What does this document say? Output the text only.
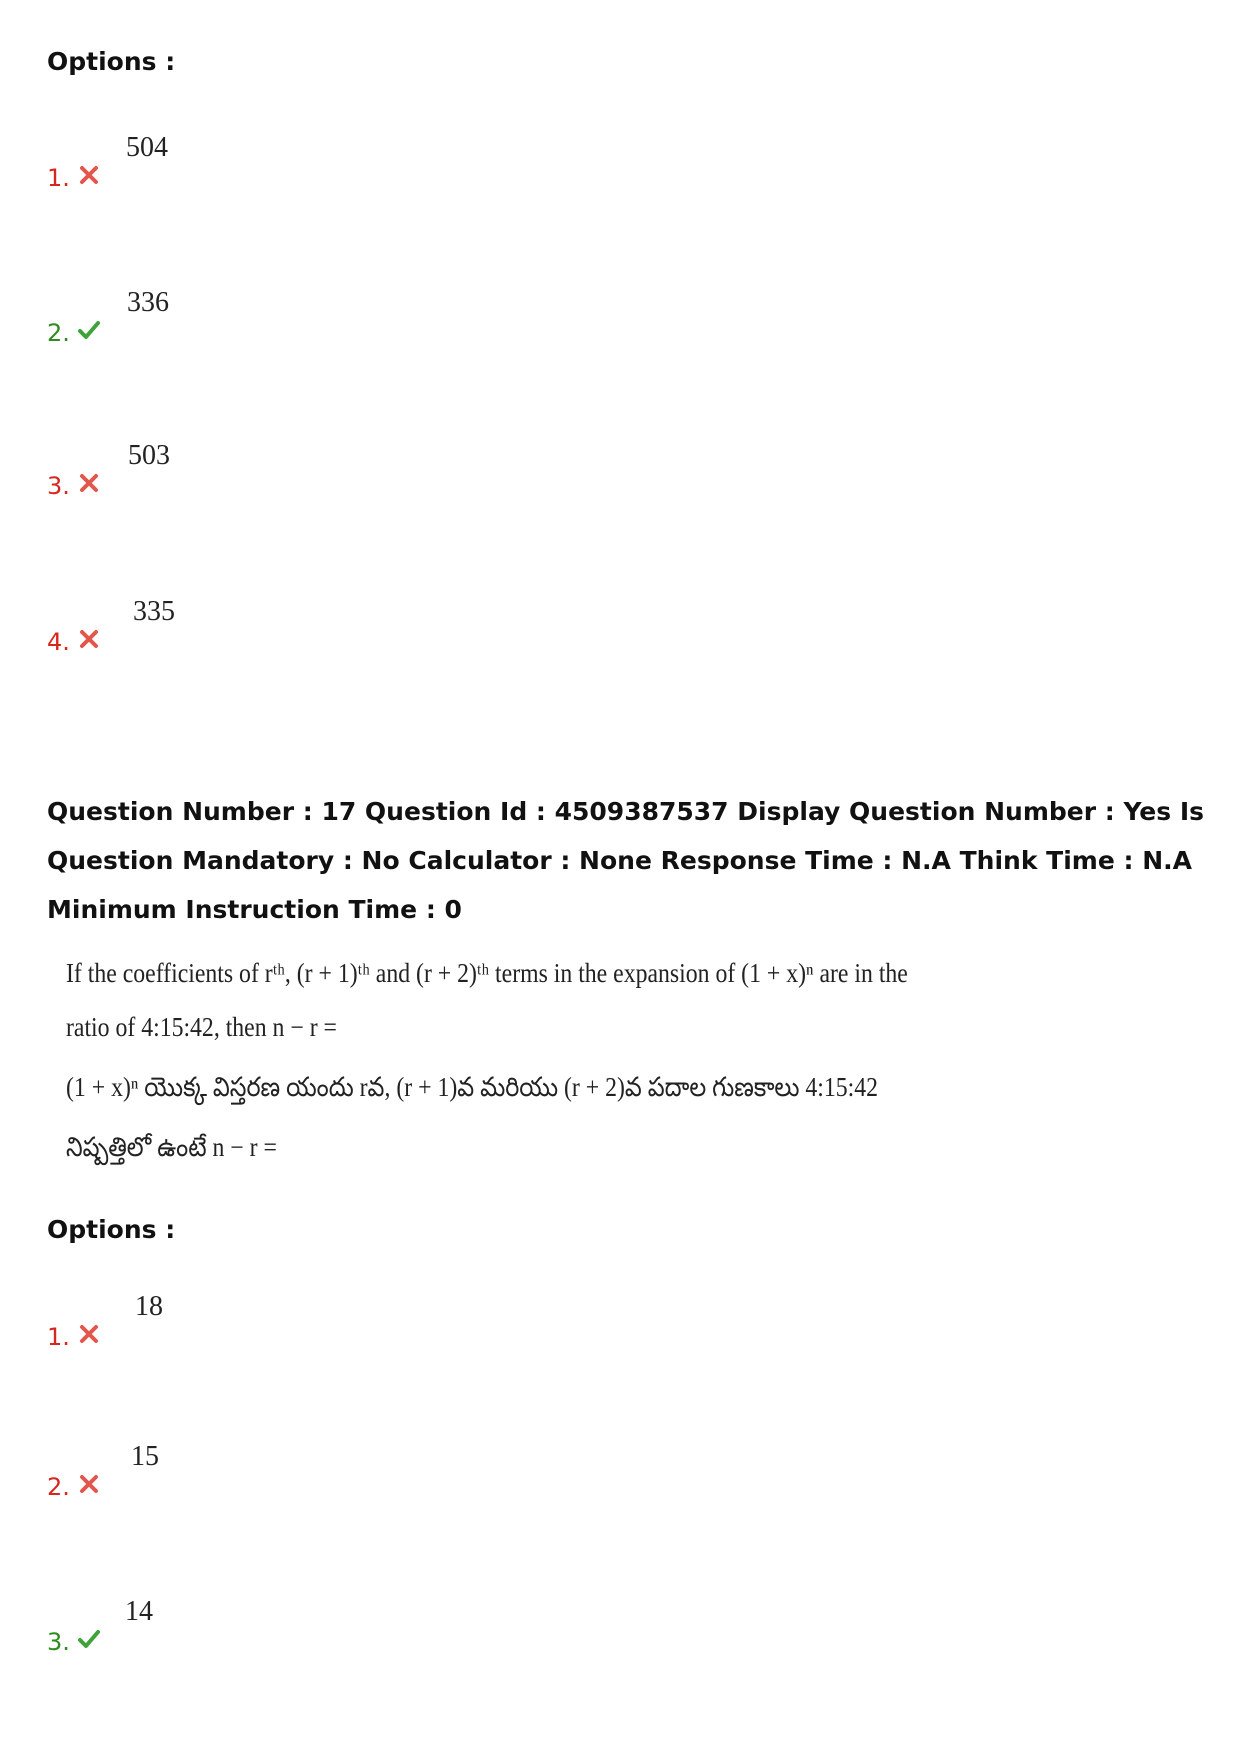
Options :
1.
504
2.
336
3.
503
4.
335

Question Number : 17 Question Id : 4509387537 Display Question Number : Yes Is Question Mandatory : No Calculator : None Response Time : N.A Think Time : N.A Minimum Instruction Time : 0

If the coefficients of rᵗʰ, (r + 1)ᵗʰ and (r + 2)ᵗʰ terms in the expansion of (1 + x)ⁿ are in the
ratio of 4:15:42, then n − r =
(1 + x)ⁿ యొక్క విస్తరణ యందు rవ, (r + 1)వ మరియు (r + 2)వ పదాల గుణకాలు 4:15:42
నిష్పత్తిలో ఉంటే n − r =
Options :
1.
18
2.
15
3.
14
